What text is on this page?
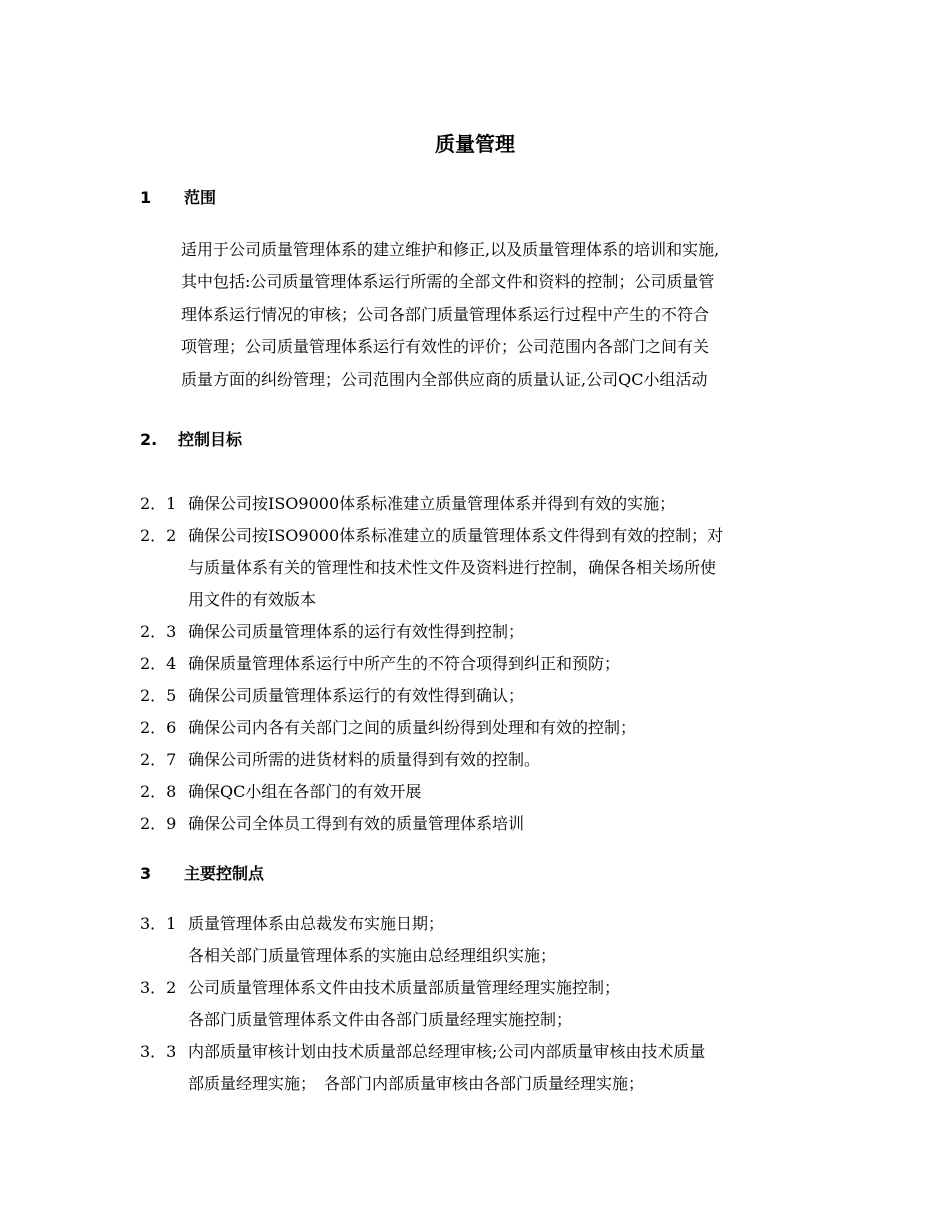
质量管理
1 范围

适用于公司质量管理体系的建立维护和修正,以及质量管理体系的培训和实施,
其中包括:公司质量管理体系运行所需的全部文件和资料的控制；公司质量管
理体系运行情况的审核；公司各部门质量管理体系运行过程中产生的不符合
项管理；公司质量管理体系运行有效性的评价；公司范围内各部门之间有关
质量方面的纠纷管理；公司范围内全部供应商的质量认证,公司QC小组活动

2. 控制目标

2．1 确保公司按ISO9000体系标准建立质量管理体系并得到有效的实施；

2．2 确保公司按ISO9000体系标准建立的质量管理体系文件得到有效的控制；对

与质量体系有关的管理性和技术性文件及资料进行控制，确保各相关场所使

用文件的有效版本

2．3 确保公司质量管理体系的运行有效性得到控制；

2．4 确保质量管理体系运行中所产生的不符合项得到纠正和预防；

2．5 确保公司质量管理体系运行的有效性得到确认；

2．6 确保公司内各有关部门之间的质量纠纷得到处理和有效的控制；

2．7 确保公司所需的进货材料的质量得到有效的控制。

2．8 确保QC小组在各部门的有效开展

2．9 确保公司全体员工得到有效的质量管理体系培训

3 主要控制点

3．1 质量管理体系由总裁发布实施日期；

各相关部门质量管理体系的实施由总经理组织实施；

3．2 公司质量管理体系文件由技术质量部质量管理经理实施控制；

各部门质量管理体系文件由各部门质量经理实施控制；

3．3 内部质量审核计划由技术质量部总经理审核;公司内部质量审核由技术质量

部质量经理实施；　各部门内部质量审核由各部门质量经理实施；
